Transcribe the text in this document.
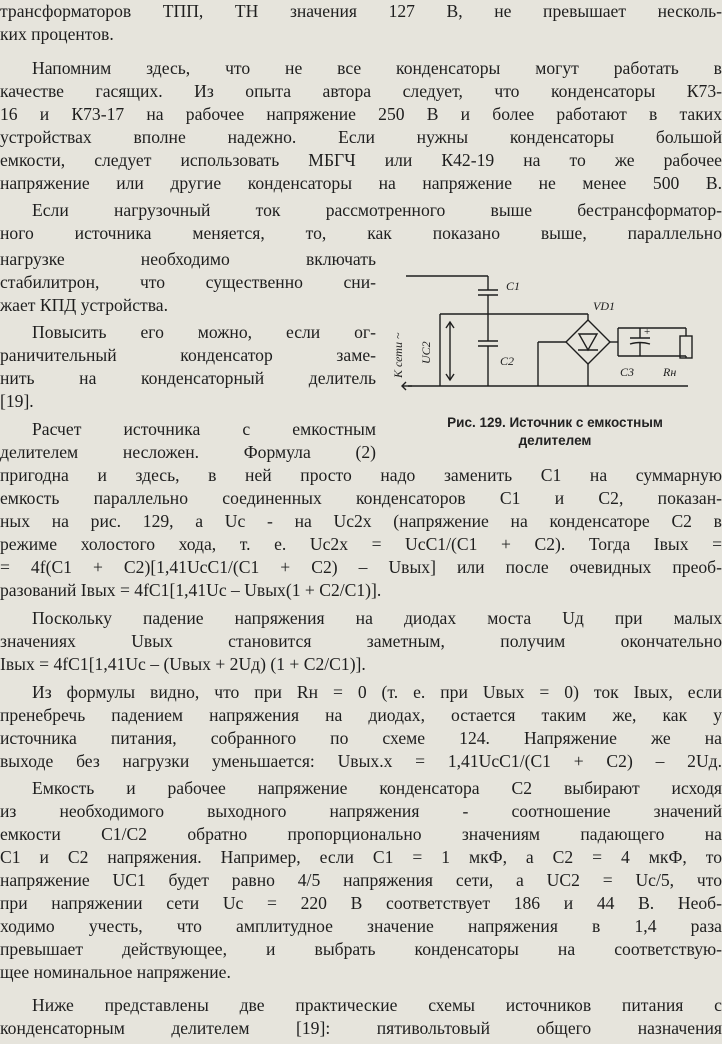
трансформаторов ТПП, ТН значения 127 В, не превышает несколь-
ких процентов.
Напомним здесь, что не все конденсаторы могут работать в
качестве гасящих. Из опыта автора следует, что конденсаторы К73-
16 и К73-17 на рабочее напряжение 250 В и более работают в таких
устройствах вполне надежно. Если нужны конденсаторы большой
емкости, следует использовать МБГЧ или К42-19 на то же рабочее
напряжение или другие конденсаторы на напряжение не менее 500 В.
Если нагрузочный ток рассмотренного выше бестрансформатор-
ного источника меняется, то, как показано выше, параллельно
нагрузке необходимо включать
стабилитрон, что существенно сни-
жает КПД устройства.
Повысить его можно, если ог-
раничительный конденсатор заме-
нить на конденсаторный делитель
[19].
Расчет источника с емкостным
делителем несложен. Формула (2)
С1
С2
VD1
С3 Rн
+
UС2
К сети ~
Рис. 129. Источник с емкостным
делителем
пригодна и здесь, в ней просто надо заменить С1 на суммарную
емкость параллельно соединенных конденсаторов С1 и С2, показан-
ных на рис. 129, а Uс - на Uс2х (напряжение на конденсаторе С2 в
режиме холостого хода, т. е. Uс2х = UсС1/(С1 + С2). Тогда Iвых =
= 4f(С1 + С2)[1,41UсС1/(С1 + С2) – Uвых] или после очевидных преоб-
разований Iвых = 4fС1[1,41Uс – Uвых(1 + С2/С1)].
Поскольку падение напряжения на диодах моста Uд при малых
значениях Uвых становится заметным, получим окончательно
Iвых = 4fС1[1,41Uс – (Uвых + 2Uд) (1 + С2/С1)].
Из формулы видно, что при Rн = 0 (т. е. при Uвых = 0) ток Iвых, если
пренебречь падением напряжения на диодах, остается таким же, как у
источника питания, собранного по схеме 124. Напряжение же на
выходе без нагрузки уменьшается: Uвых.х = 1,41UсС1/(С1 + С2) – 2Uд.
Емкость и рабочее напряжение конденсатора С2 выбирают исходя
из необходимого выходного напряжения - соотношение значений
емкости С1/С2 обратно пропорционально значениям падающего на
С1 и С2 напряжения. Например, если С1 = 1 мкФ, а С2 = 4 мкФ, то
напряжение UС1 будет равно 4/5 напряжения сети, а UС2 = Uс/5, что
при напряжении сети Uс = 220 В соответствует 186 и 44 В. Необ-
ходимо учесть, что амплитудное значение напряжения в 1,4 раза
превышает действующее, и выбрать конденсаторы на соответствую-
щее номинальное напряжение.
Ниже представлены две практические схемы источников питания с
конденсаторным делителем [19]: пятивольтовый общего назначения
